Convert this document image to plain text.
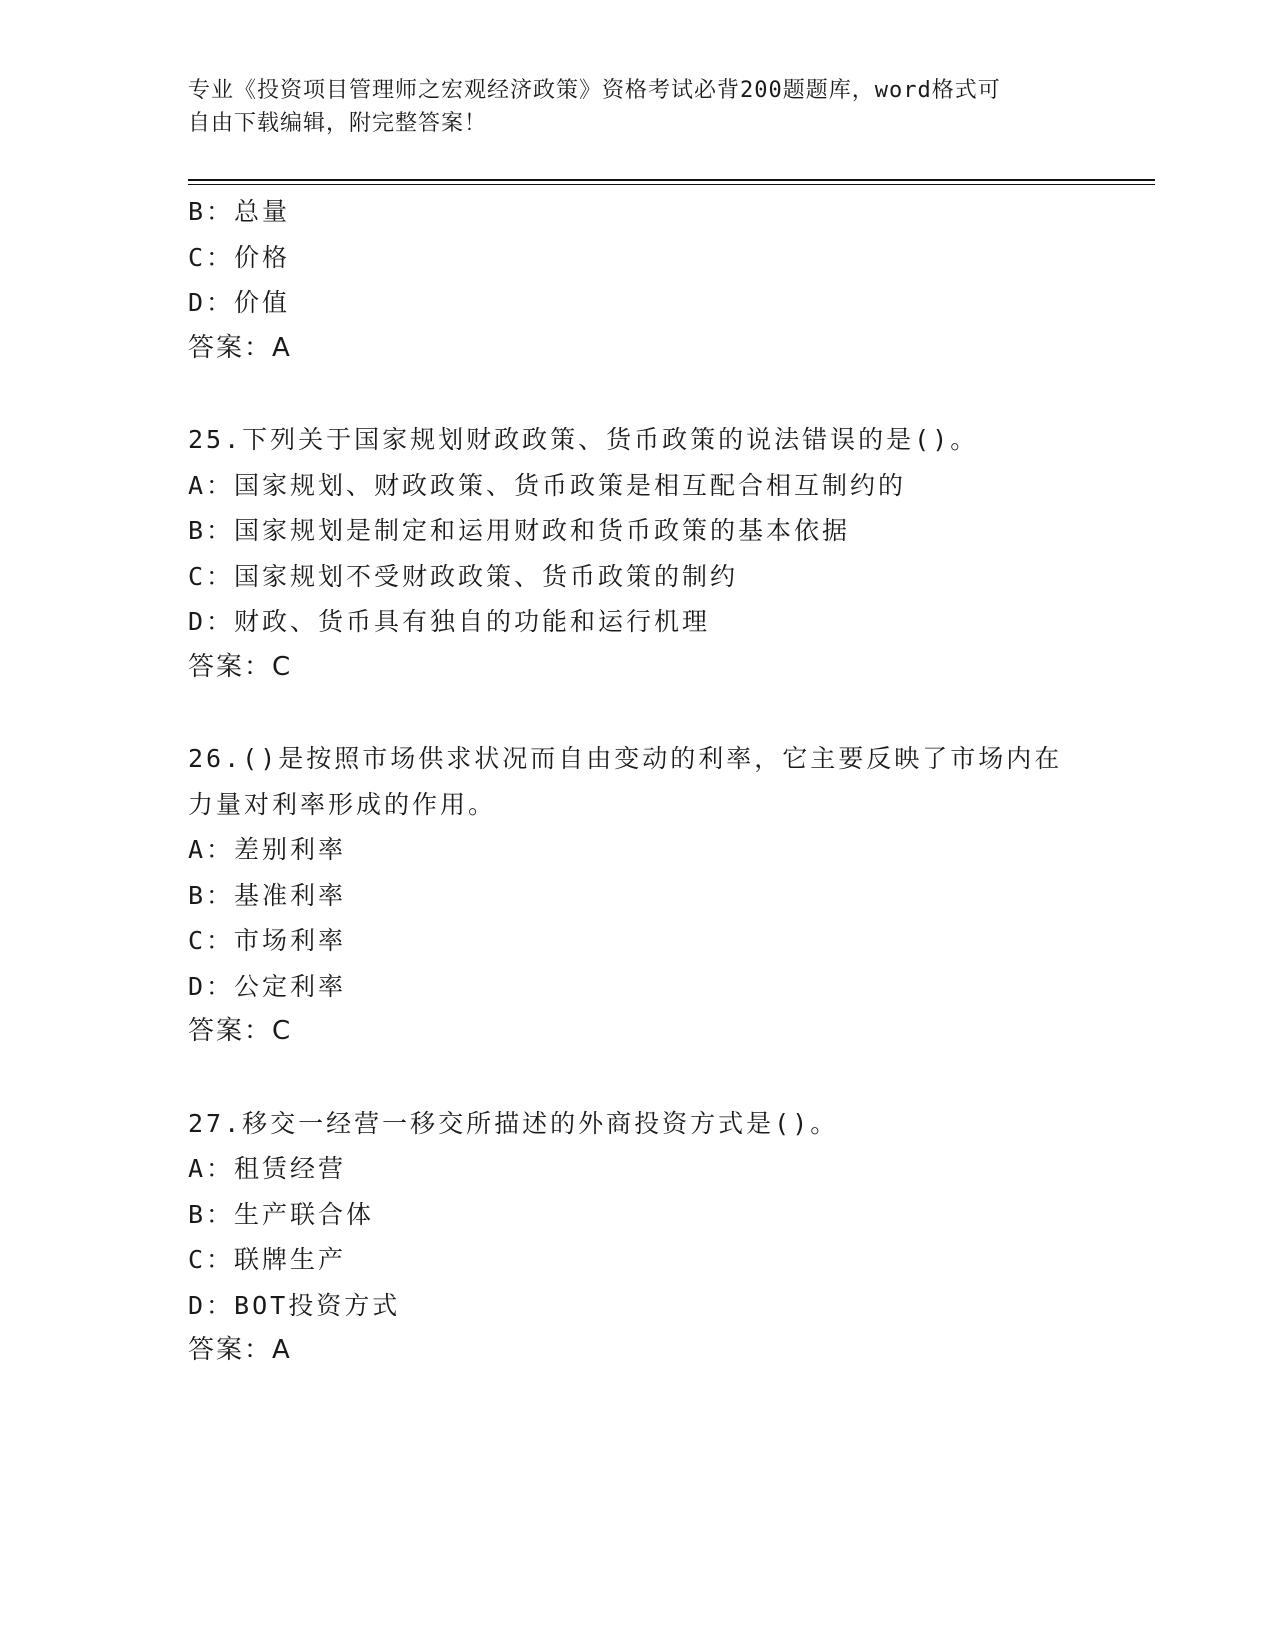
专业《投资项目管理师之宏观经济政策》资格考试必背200题题库，word格式可
自由下载编辑，附完整答案！
B：总量
C：价格
D：价值
答案：A
25.下列关于国家规划财政政策、货币政策的说法错误的是()。
A：国家规划、财政政策、货币政策是相互配合相互制约的
B：国家规划是制定和运用财政和货币政策的基本依据
C：国家规划不受财政政策、货币政策的制约
D：财政、货币具有独自的功能和运行机理
答案：C
26.()是按照市场供求状况而自由变动的利率，它主要反映了市场内在
力量对利率形成的作用。
A：差别利率
B：基准利率
C：市场利率
D：公定利率
答案：C
27.移交一经营一移交所描述的外商投资方式是()。
A：租赁经营
B：生产联合体
C：联牌生产
D：BOT投资方式
答案：A
